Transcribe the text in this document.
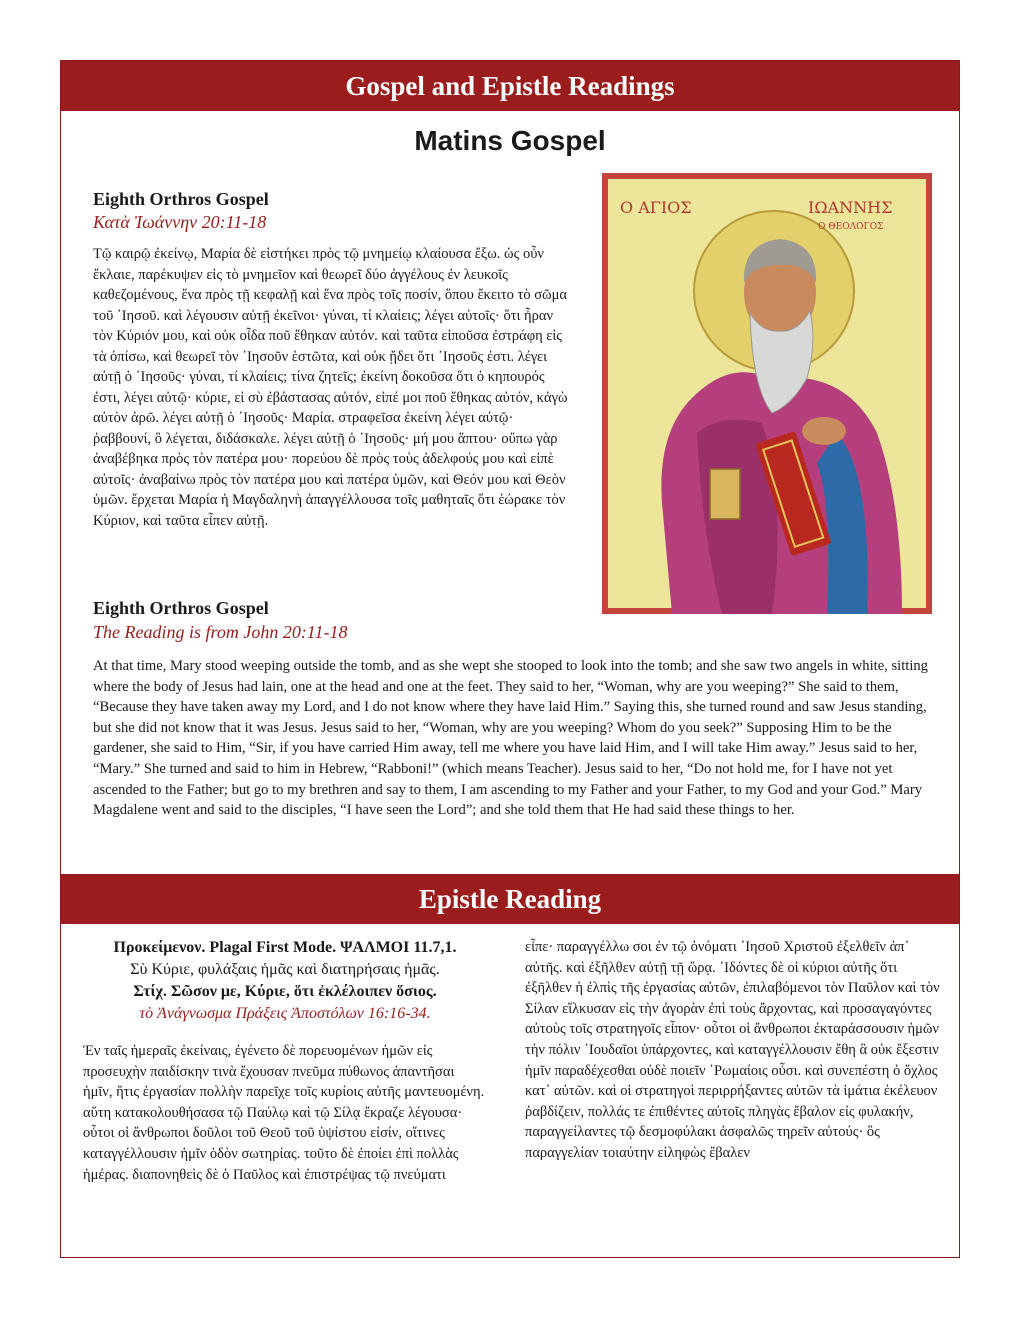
Gospel and Epistle Readings
Matins Gospel
Eighth Orthros Gospel
Κατὰ Ἰωάννην 20:11-18
Τῷ καιρῷ ἐκείνῳ, Μαρία δὲ εἱστήκει πρὸς τῷ μνημείῳ κλαίουσα ἔξω. ὡς οὖν ἔκλαιε, παρέκυψεν εἰς τὸ μνημεῖον καὶ θεωρεῖ δύο ἀγγέλους ἐν λευκοῖς καθεζομένους, ἕνα πρὸς τῇ κεφαλῇ καὶ ἕνα πρὸς τοῖς ποσίν, ὅπου ἔκειτο τὸ σῶμα τοῦ ᾿Ιησοῦ. καὶ λέγουσιν αὐτῇ ἐκεῖνοι· γύναι, τί κλαίεις; λέγει αὐτοῖς· ὅτι ἦραν τὸν Κύριόν μου, καὶ οὐκ οἶδα ποῦ ἔθηκαν αὐτόν. καὶ ταῦτα εἰποῦσα ἐστράφη εἰς τὰ ὀπίσω, καὶ θεωρεῖ τὸν ᾿Ιησοῦν ἑστῶτα, καὶ οὐκ ᾔδει ὅτι ᾿Ιησοῦς ἐστι. λέγει αὐτῇ ὁ ᾿Ιησοῦς· γύναι, τί κλαίεις; τίνα ζητεῖς; ἐκείνη δοκοῦσα ὅτι ὁ κηπουρός ἐστι, λέγει αὐτῷ· κύριε, εἰ σὺ ἐβάστασας αὐτόν, εἰπέ μοι ποῦ ἔθηκας αὐτόν, κἀγὼ αὐτὸν ἀρῶ. λέγει αὐτῇ ὁ ᾿Ιησοῦς· Μαρία. στραφεῖσα ἐκείνη λέγει αὐτῷ· ῥαββουνί, ὃ λέγεται, διδάσκαλε. λέγει αὐτῇ ὁ ᾿Ιησοῦς· μή μου ἅπτου· οὔπω γὰρ ἀναβέβηκα πρὸς τὸν πατέρα μου· πορεύου δὲ πρὸς τοὺς ἀδελφούς μου καὶ εἰπὲ αὐτοῖς· ἀναβαίνω πρὸς τὸν πατέρα μου καὶ πατέρα ὑμῶν, καὶ Θεόν μου καὶ Θεὸν ὑμῶν. ἔρχεται Μαρία ἡ Μαγδαληνὴ ἀπαγγέλλουσα τοῖς μαθηταῖς ὅτι ἑώρακε τὸν Κύριον, καὶ ταῦτα εἶπεν αὐτῇ.
Ο ΑΓΙΟΣ	ΙΩΑΝΝΗΣ
Ο ΘΕΟΛΟΓΟΣ
Eighth Orthros Gospel
The Reading is from John 20:11-18
At that time, Mary stood weeping outside the tomb, and as she wept she stooped to look into the tomb; and she saw two angels in white, sitting where the body of Jesus had lain, one at the head and one at the feet. They said to her, “Woman, why are you weeping?” She said to them, “Because they have taken away my Lord, and I do not know where they have laid Him.” Saying this, she turned round and saw Jesus standing, but she did not know that it was Jesus. Jesus said to her, “Woman, why are you weeping? Whom do you seek?” Supposing Him to be the gardener, she said to Him, “Sir, if you have carried Him away, tell me where you have laid Him, and I will take Him away.” Jesus said to her, “Mary.” She turned and said to him in Hebrew, “Rabboni!” (which means Teacher). Jesus said to her, “Do not hold me, for I have not yet ascended to the Father; but go to my brethren and say to them, I am ascending to my Father and your Father, to my God and your God.” Mary Magdalene went and said to the disciples, “I have seen the Lord”; and she told them that He had said these things to her.
Epistle Reading
Προκείμενον. Plagal First Mode. ΨΑΛΜΟΙ 11.7,1.
Σὺ Κύριε, φυλάξαις ἡμᾶς καὶ διατηρήσαις ἡμᾶς.
Στίχ. Σῶσον με, Κύριε, ὅτι ἐκλέλοιπεν ὅσιος.
τὸ Ἀνάγνωσμα Πράξεις Ἀποστόλων 16:16-34.
Ἐν ταῖς ἡμεραῖς ἐκείναις, ἐγένετο δὲ πορευομένων ἡμῶν εἰς προσευχὴν παιδίσκην τινὰ ἔχουσαν πνεῦμα πύθωνος ἀπαντῆσαι ἡμῖν, ἥτις ἐργασίαν πολλὴν παρεῖχε τοῖς κυρίοις αὐτῆς μαντευομένη. αὕτη κατακολουθήσασα τῷ Παύλῳ καὶ τῷ Σίλᾳ ἔκραζε λέγουσα· οὗτοι οἱ ἄνθρωποι δοῦλοι τοῦ Θεοῦ τοῦ ὑψίστου εἰσίν, οἵτινες καταγγέλλουσιν ἡμῖν ὁδὸν σωτηρίας. τοῦτο δὲ ἐποίει ἐπὶ πολλὰς ἡμέρας. διαπονηθεὶς δὲ ὁ Παῦλος καὶ ἐπιστρέψας τῷ πνεύματι
εἶπε· παραγγέλλω σοι ἐν τῷ ὀνόματι ᾿Ιησοῦ Χριστοῦ ἐξελθεῖν ἀπ᾿ αὐτῆς. καὶ ἐξῆλθεν αὐτῇ τῇ ὥρᾳ. ᾿Ιδόντες δὲ οἱ κύριοι αὐτῆς ὅτι ἐξῆλθεν ἡ ἐλπὶς τῆς ἐργασίας αὐτῶν, ἐπιλαβόμενοι τὸν Παῦλον καὶ τὸν Σίλαν εἵλκυσαν εἰς τὴν ἀγορὰν ἐπὶ τοὺς ἄρχοντας, καὶ προσαγαγόντες αὐτοὺς τοῖς στρατηγοῖς εἶπον· οὗτοι οἱ ἄνθρωποι ἐκταράσσουσιν ἡμῶν τὴν πόλιν ᾿Ιουδαῖοι ὑπάρχοντες, καὶ καταγγέλλουσιν ἔθη ἃ οὐκ ἔξεστιν ἡμῖν παραδέχεσθαι οὐδὲ ποιεῖν ῾Ρωμαίοις οὖσι. καὶ συνεπέστη ὁ ὄχλος κατ᾿ αὐτῶν. καὶ οἱ στρατηγοὶ περιρρήξαντες αὐτῶν τὰ ἱμάτια ἐκέλευον ῥαβδίζειν, πολλάς τε ἐπιθέντες αὐτοῖς πληγὰς ἔβαλον εἰς φυλακήν, παραγγείλαντες τῷ δεσμοφύλακι ἀσφαλῶς τηρεῖν αὐτούς· ὃς παραγγελίαν τοιαύτην εἰληφὼς ἔβαλεν
